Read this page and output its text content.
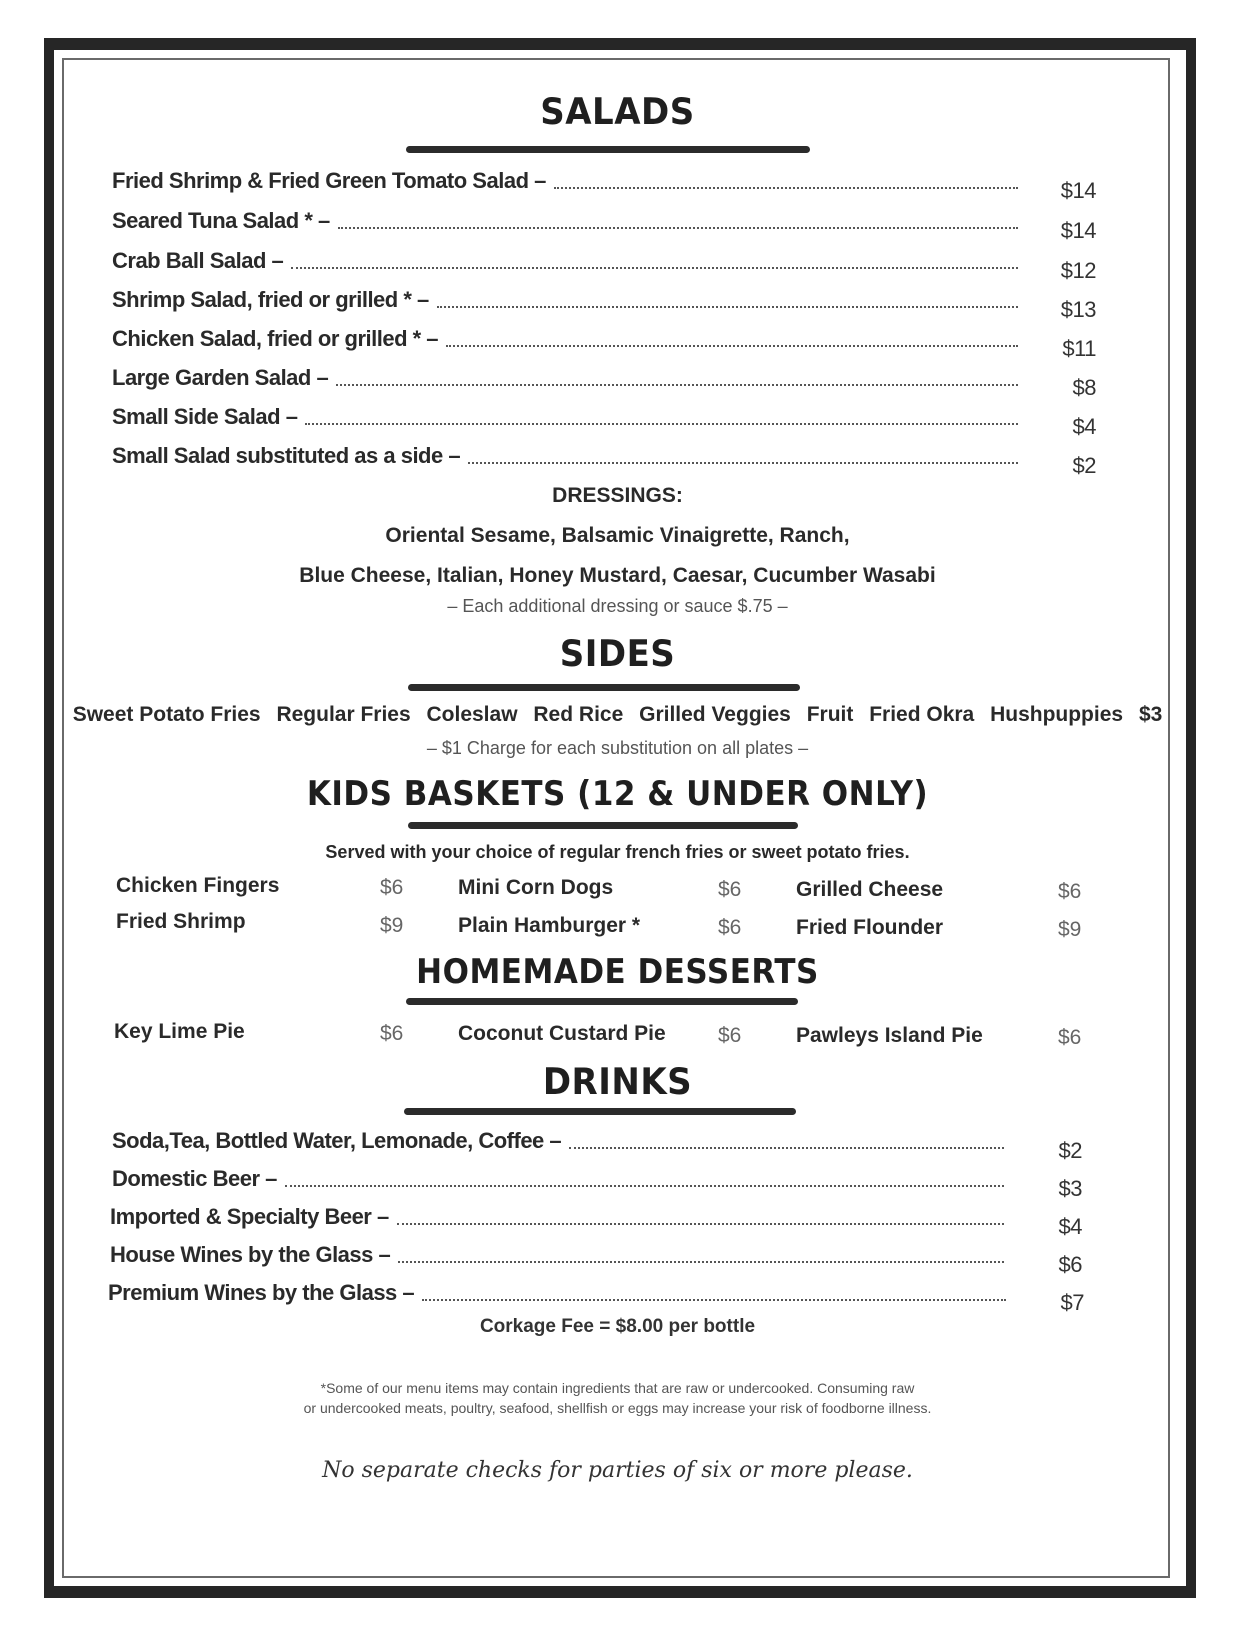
SALADS
Fried Shrimp & Fried Green Tomato Salad –	$14
Seared Tuna Salad * –	$14
Crab Ball Salad –	$12
Shrimp Salad, fried or grilled * –	$13
Chicken Salad, fried or grilled * –	$11
Large Garden Salad –	$8
Small Side Salad –	$4
Small Salad substituted as a side –	$2
DRESSINGS:
Oriental Sesame, Balsamic Vinaigrette, Ranch,
Blue Cheese, Italian, Honey Mustard, Caesar, Cucumber Wasabi
– Each additional dressing or sauce $.75 –
SIDES
Sweet Potato Fries Regular Fries Coleslaw Red Rice Grilled Veggies Fruit Fried Okra Hushpuppies $3
– $1 Charge for each substitution on all plates –
KIDS BASKETS (12 & UNDER ONLY)
Served with your choice of regular french fries or sweet potato fries.
Chicken Fingers	$6	Mini Corn Dogs	$6	Grilled Cheese	$6
Fried Shrimp	$9	Plain Hamburger *	$6	Fried Flounder	$9
HOMEMADE DESSERTS
Key Lime Pie	$6	Coconut Custard Pie $6	Pawleys Island Pie	$6
DRINKS
Soda,Tea, Bottled Water, Lemonade, Coffee –	$2
Domestic Beer –	$3
Imported & Specialty Beer –	$4
House Wines by the Glass –	$6
Premium Wines by the Glass –	$7
Corkage Fee = $8.00 per bottle
*Some of our menu items may contain ingredients that are raw or undercooked. Consuming raw
or undercooked meats, poultry, seafood, shellfish or eggs may increase your risk of foodborne illness.
No separate checks for parties of six or more please.
